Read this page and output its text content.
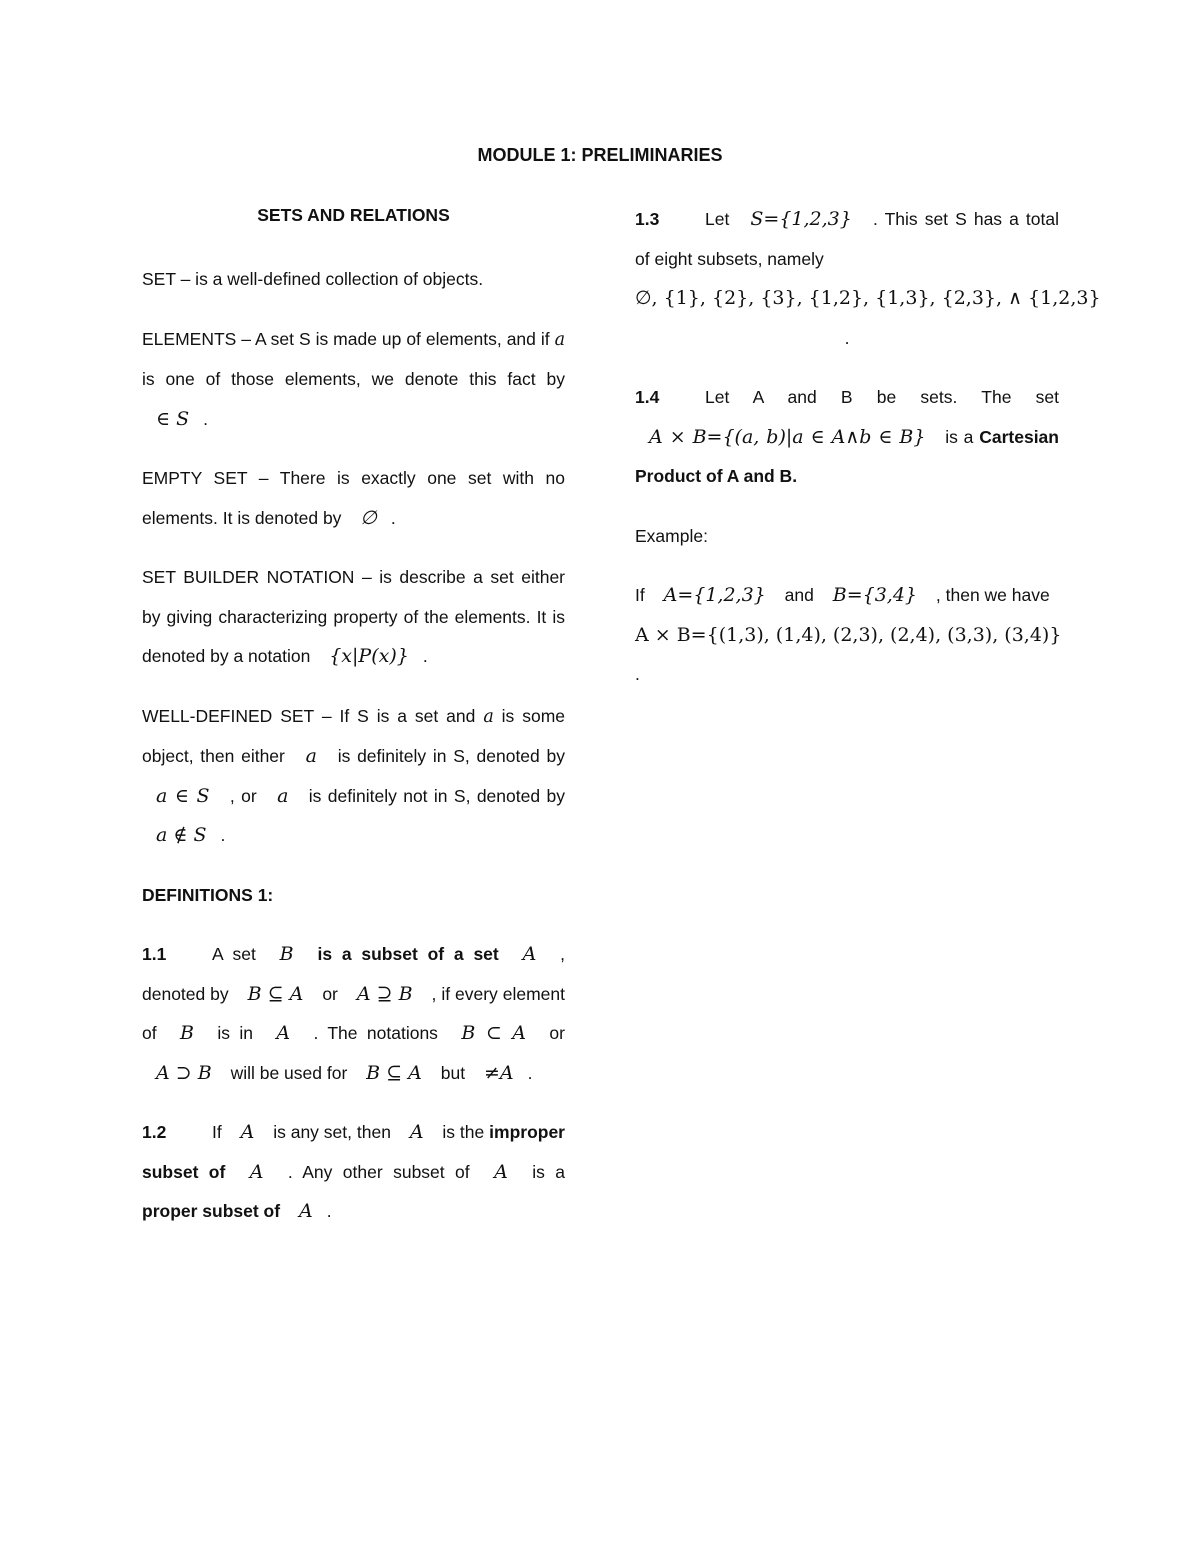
MODULE 1: PRELIMINARIES
SETS AND RELATIONS

SET – is a well-defined collection of objects.

ELEMENTS – A set S is made up of elements, and if a is one of those elements, we denote this fact by ∈ S .

EMPTY SET – There is exactly one set with no elements. It is denoted by ∅ .

SET BUILDER NOTATION – is describe a set either by giving characterizing property of the elements. It is denoted by a notation {x|P(x)} .

WELL-DEFINED SET – If S is a set and a is some object, then either a is definitely in S, denoted by a ∈ S , or a is definitely not in S, denoted by a ∉ S .

DEFINITIONS 1:

1.1	A set B is a subset of a set A , denoted by B ⊆ A or A ⊇ B , if every element of B is in A . The notations B ⊂ A or A ⊃ B will be used for B ⊆ A but ≠A .

1.2	If A is any set, then A is the improper subset of A . Any other subset of A is a proper subset of A .

1.3	Let S={1,2,3} . This set S has a total of eight subsets, namely

∅, {1}, {2}, {3}, {1,2}, {1,3}, {2,3}, ∧ {1,2,3} .

1.4	Let A and B be sets. The set A × B={(a, b)|a ∈ A∧b ∈ B} is a Cartesian Product of A and B.

Example:

If A={1,2,3} and B={3,4} , then we have
A × B={(1,3), (1,4), (2,3), (2,4), (3,3), (3,4)}
.
